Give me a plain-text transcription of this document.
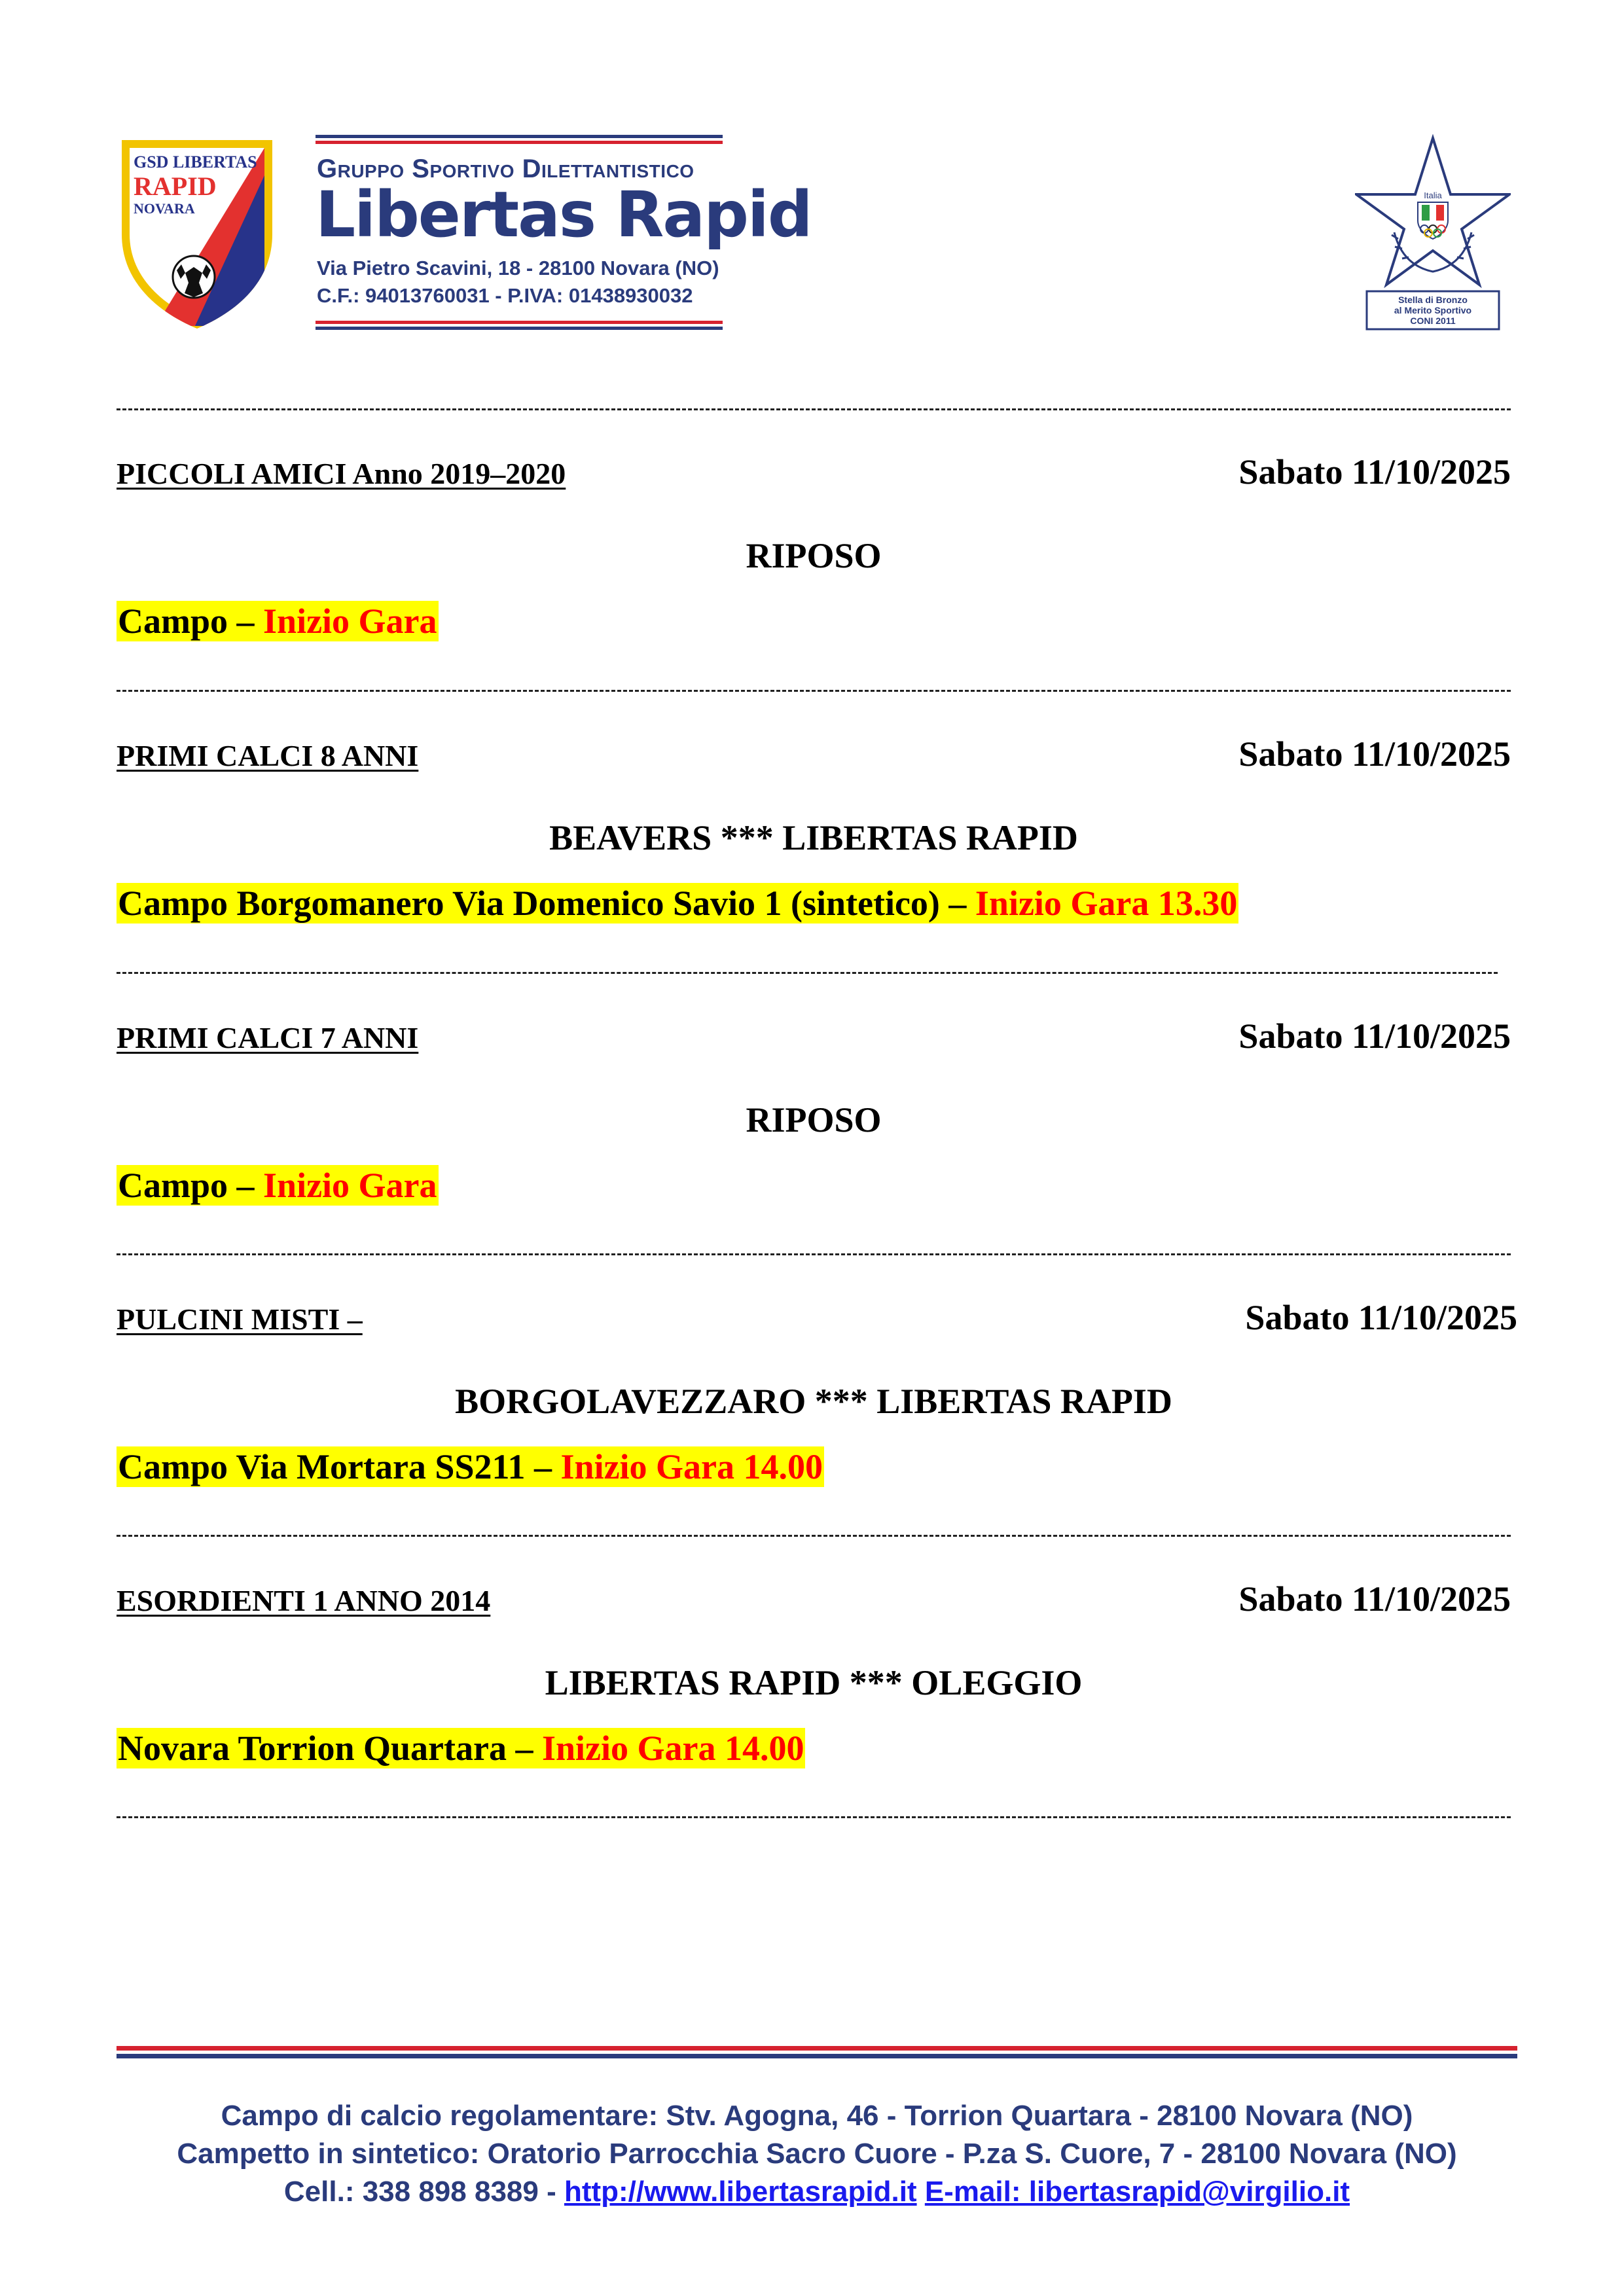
GSD LIBERTAS
RAPID
NOVARA
Gruppo Sportivo Dilettantistico
Libertas Rapid
Via Pietro Scavini, 18 - 28100 Novara (NO)
C.F.: 94013760031 - P.IVA: 01438930032
Italia
Stella di Bronzo
al Merito Sportivo
CONI 2011
PICCOLI AMICI Anno 2019–2020	Sabato 11/10/2025
RIPOSO
Campo – Inizio Gara
PRIMI CALCI 8 ANNI	Sabato 11/10/2025
BEAVERS *** LIBERTAS RAPID
Campo Borgomanero Via Domenico Savio 1 (sintetico) – Inizio Gara 13.30
PRIMI CALCI 7 ANNI	Sabato 11/10/2025
RIPOSO
Campo – Inizio Gara
PULCINI MISTI –	Sabato 11/10/2025
BORGOLAVEZZARO *** LIBERTAS RAPID
Campo Via Mortara SS211 – Inizio Gara 14.00
ESORDIENTI 1 ANNO 2014	Sabato 11/10/2025
LIBERTAS RAPID *** OLEGGIO
Novara Torrion Quartara – Inizio Gara 14.00
Campo di calcio regolamentare: Stv. Agogna, 46 - Torrion Quartara - 28100 Novara (NO)
Campetto in sintetico: Oratorio Parrocchia Sacro Cuore - P.za S. Cuore, 7 - 28100 Novara (NO)
Cell.: 338 898 8389 - http://www.libertasrapid.it E-mail: libertasrapid@virgilio.it
